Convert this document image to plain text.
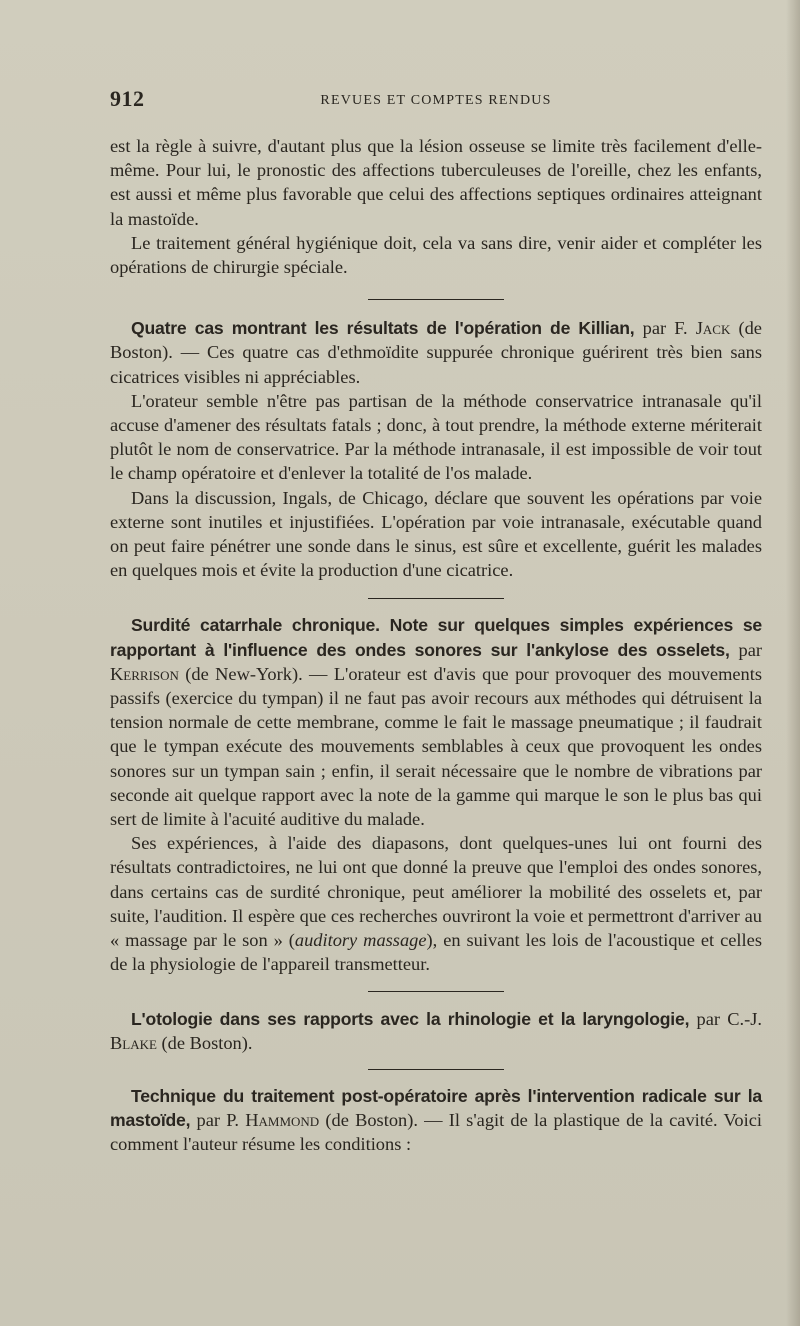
912	REVUES ET COMPTES RENDUS

est la règle à suivre, d'autant plus que la lésion osseuse se limite très facilement d'elle-même. Pour lui, le pronostic des affections tuberculeuses de l'oreille, chez les enfants, est aussi et même plus favorable que celui des affections septiques ordinaires atteignant la mastoïde.

Le traitement général hygiénique doit, cela va sans dire, venir aider et compléter les opérations de chirurgie spéciale.

Quatre cas montrant les résultats de l'opération de Killian, par F. Jack (de Boston). — Ces quatre cas d'ethmoïdite suppurée chronique guérirent très bien sans cicatrices visibles ni appréciables.

L'orateur semble n'être pas partisan de la méthode conservatrice intranasale qu'il accuse d'amener des résultats fatals ; donc, à tout prendre, la méthode externe mériterait plutôt le nom de conservatrice. Par la méthode intranasale, il est impossible de voir tout le champ opératoire et d'enlever la totalité de l'os malade.

Dans la discussion, Ingals, de Chicago, déclare que souvent les opérations par voie externe sont inutiles et injustifiées. L'opération par voie intranasale, exécutable quand on peut faire pénétrer une sonde dans le sinus, est sûre et excellente, guérit les malades en quelques mois et évite la production d'une cicatrice.

Surdité catarrhale chronique. Note sur quelques simples expériences se rapportant à l'influence des ondes sonores sur l'ankylose des osselets, par Kerrison (de New-York). — L'orateur est d'avis que pour provoquer des mouvements passifs (exercice du tympan) il ne faut pas avoir recours aux méthodes qui détruisent la tension normale de cette membrane, comme le fait le massage pneumatique ; il faudrait que le tympan exécute des mouvements semblables à ceux que provoquent les ondes sonores sur un tympan sain ; enfin, il serait nécessaire que le nombre de vibrations par seconde ait quelque rapport avec la note de la gamme qui marque le son le plus bas qui sert de limite à l'acuité auditive du malade.

Ses expériences, à l'aide des diapasons, dont quelques-unes lui ont fourni des résultats contradictoires, ne lui ont que donné la preuve que l'emploi des ondes sonores, dans certains cas de surdité chronique, peut améliorer la mobilité des osselets et, par suite, l'audition. Il espère que ces recherches ouvriront la voie et permettront d'arriver au « massage par le son » (auditory massage), en suivant les lois de l'acoustique et celles de la physiologie de l'appareil transmetteur.

L'otologie dans ses rapports avec la rhinologie et la laryngologie, par C.-J. Blake (de Boston).

Technique du traitement post-opératoire après l'intervention radicale sur la mastoïde, par P. Hammond (de Boston). — Il s'agit de la plastique de la cavité. Voici comment l'auteur résume les conditions :
